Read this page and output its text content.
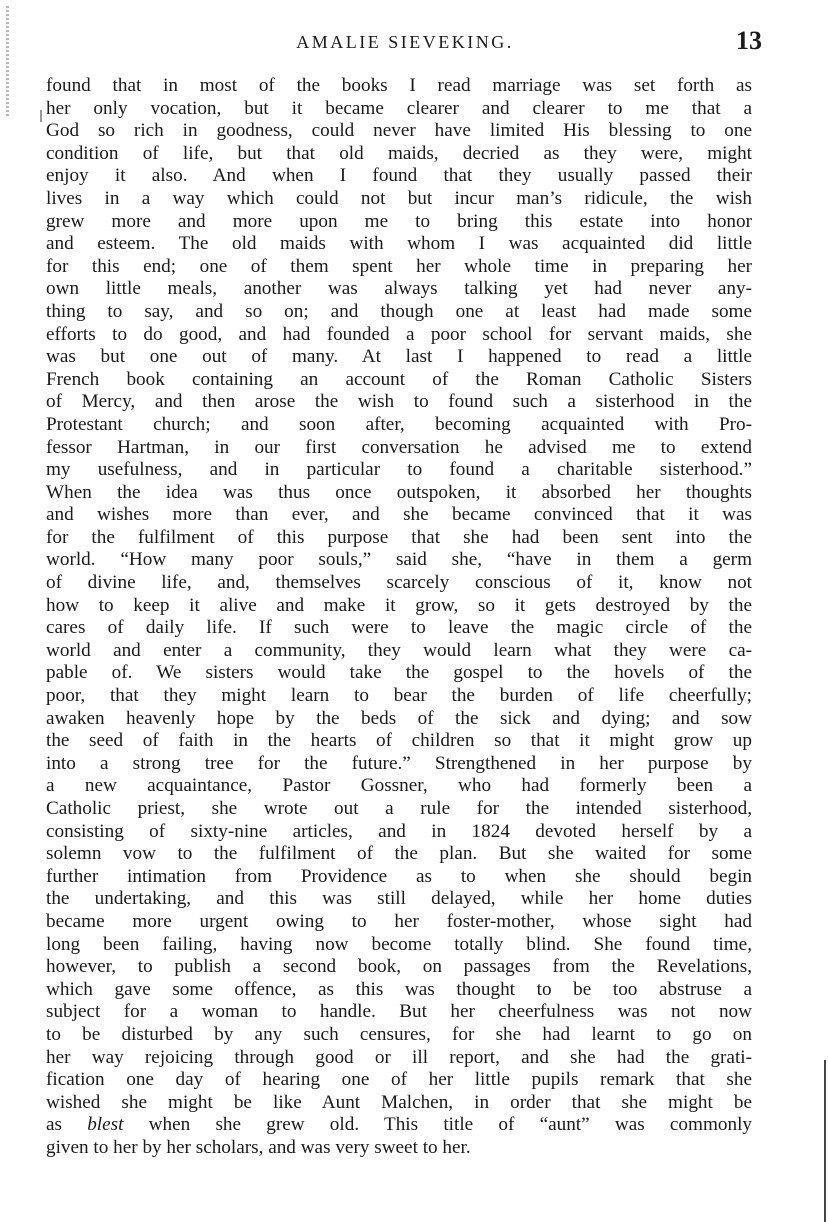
AMALIE SIEVEKING.	13
found that in most of the books I read marriage was set forth as
her only vocation, but it became clearer and clearer to me that a
God so rich in goodness, could never have limited His blessing to one
condition of life, but that old maids, decried as they were, might
enjoy it also. And when I found that they usually passed their
lives in a way which could not but incur man’s ridicule, the wish
grew more and more upon me to bring this estate into honor
and esteem. The old maids with whom I was acquainted did little
for this end; one of them spent her whole time in preparing her
own little meals, another was always talking yet had never any-
thing to say, and so on; and though one at least had made some
efforts to do good, and had founded a poor school for servant maids, she
was but one out of many. At last I happened to read a little
French book containing an account of the Roman Catholic Sisters
of Mercy, and then arose the wish to found such a sisterhood in the
Protestant church; and soon after, becoming acquainted with Pro-
fessor Hartman, in our first conversation he advised me to extend
my usefulness, and in particular to found a charitable sisterhood.”
When the idea was thus once outspoken, it absorbed her thoughts
and wishes more than ever, and she became convinced that it was
for the fulfilment of this purpose that she had been sent into the
world. “How many poor souls,” said she, “have in them a germ
of divine life, and, themselves scarcely conscious of it, know not
how to keep it alive and make it grow, so it gets destroyed by the
cares of daily life. If such were to leave the magic circle of the
world and enter a community, they would learn what they were ca-
pable of. We sisters would take the gospel to the hovels of the
poor, that they might learn to bear the burden of life cheerfully;
awaken heavenly hope by the beds of the sick and dying; and sow
the seed of faith in the hearts of children so that it might grow up
into a strong tree for the future.” Strengthened in her purpose by
a new acquaintance, Pastor Gossner, who had formerly been a
Catholic priest, she wrote out a rule for the intended sisterhood,
consisting of sixty-nine articles, and in 1824 devoted herself by a
solemn vow to the fulfilment of the plan. But she waited for some
further intimation from Providence as to when she should begin
the undertaking, and this was still delayed, while her home duties
became more urgent owing to her foster-mother, whose sight had
long been failing, having now become totally blind. She found time,
however, to publish a second book, on passages from the Revelations,
which gave some offence, as this was thought to be too abstruse a
subject for a woman to handle. But her cheerfulness was not now
to be disturbed by any such censures, for she had learnt to go on
her way rejoicing through good or ill report, and she had the grati-
fication one day of hearing one of her little pupils remark that she
wished she might be like Aunt Malchen, in order that she might be
as blest when she grew old. This title of “aunt” was commonly
given to her by her scholars, and was very sweet to her.
